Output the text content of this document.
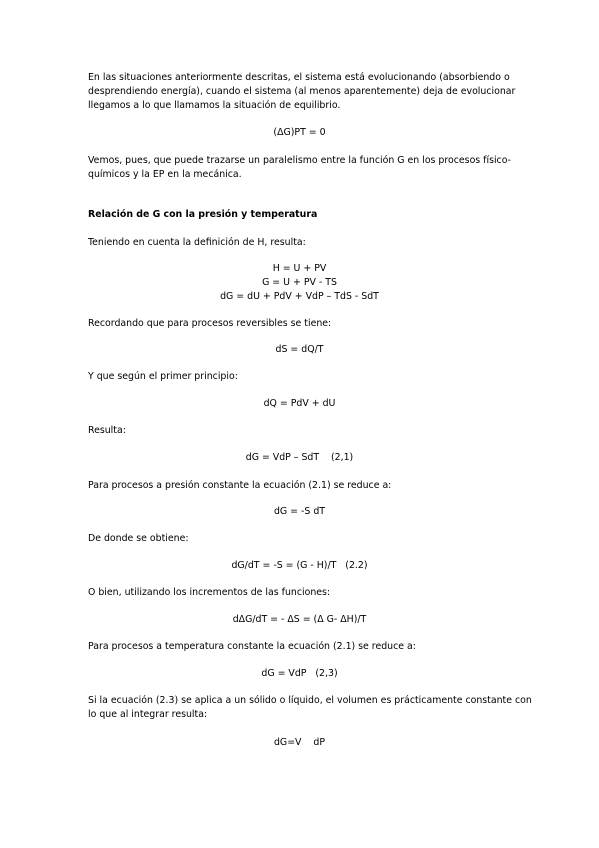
En las situaciones anteriormente descritas, el sistema está evolucionando (absorbiendo o
desprendiendo energía), cuando el sistema (al menos aparentemente) deja de evolucionar
llegamos a lo que llamamos la situación de equilibrio.
(ΔG)PT = 0
Vemos, pues, que puede trazarse un paralelismo entre la función G en los procesos físico-
químicos y la EP en la mecánica.
Relación de G con la presión y temperatura
Teniendo en cuenta la definición de H, resulta:
H = U + PV
G = U + PV - TS
dG = dU + PdV + VdP – TdS - SdT
Recordando que para procesos reversibles se tiene:
dS = dQ/T
Y que según el primer principio:
dQ = PdV + dU
Resulta:
dG = VdP – SdT    (2,1)
Para procesos a presión constante la ecuación (2.1) se reduce a:
dG = -S dT
De donde se obtiene:
dG/dT = -S = (G - H)/T   (2.2)
O bien, utilizando los incrementos de las funciones:
dΔG/dT = - ΔS = (Δ G- ΔH)/T
Para procesos a temperatura constante la ecuación (2.1) se reduce a:
dG = VdP   (2,3)
Si la ecuación (2.3) se aplica a un sólido o líquido, el volumen es prácticamente constante con
lo que al integrar resulta:
dG=V    dP
